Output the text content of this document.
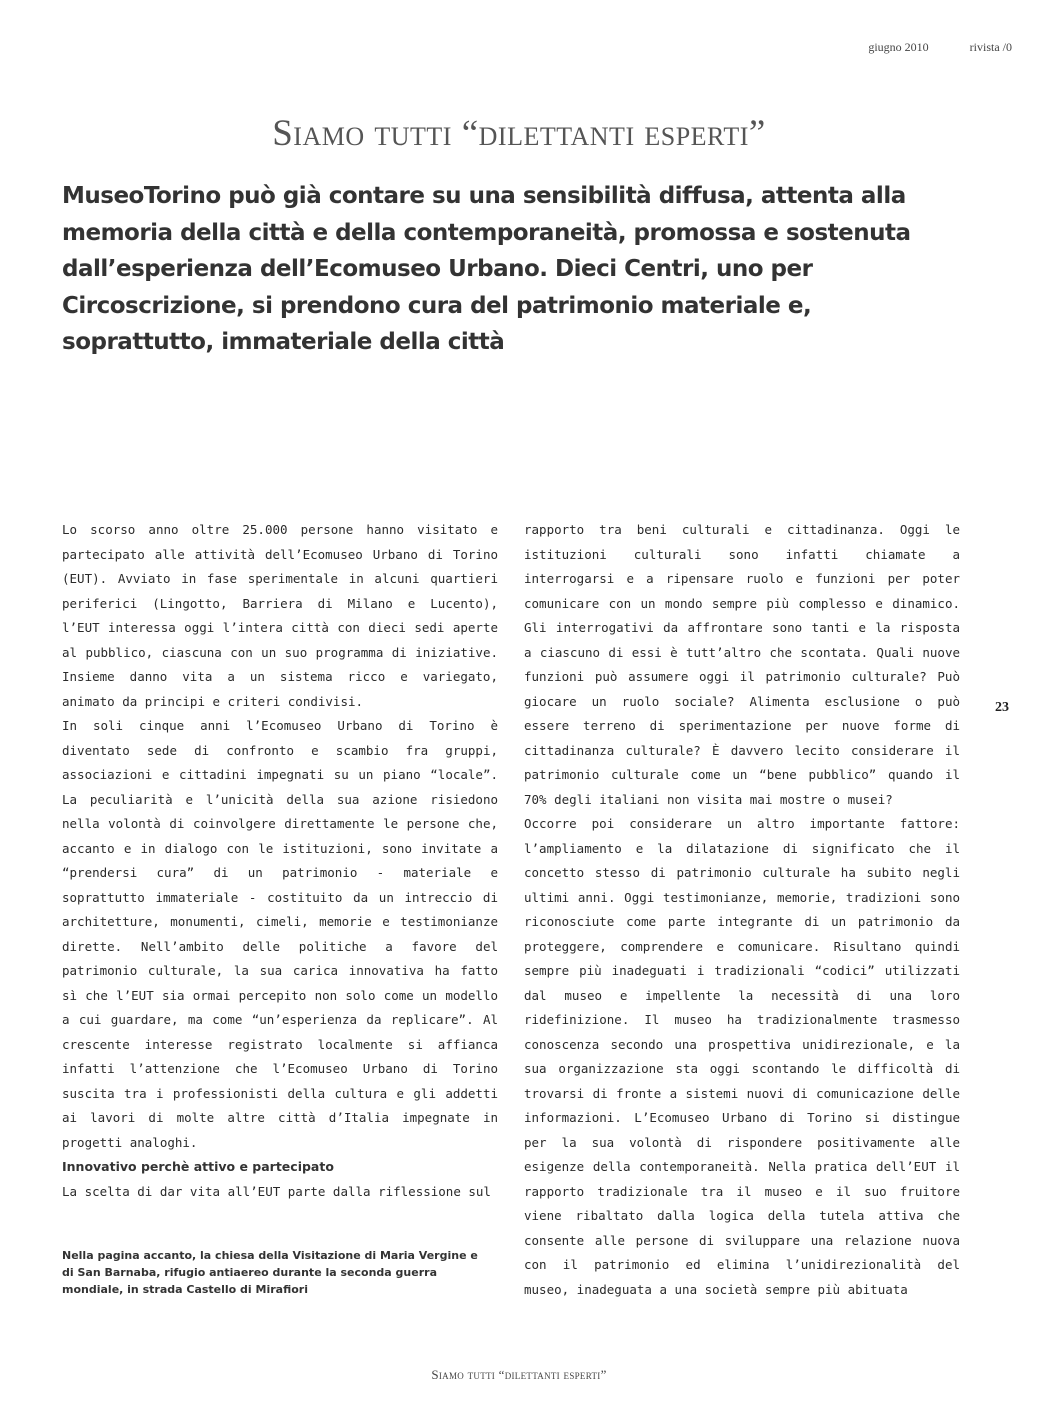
giugno 2010	rivista /0
Siamo tutti “dilettanti esperti”

MuseoTorino può già contare su una sensibilità diffusa, attenta alla memoria della città e della contemporaneità, promossa e sostenuta dall’esperienza dell’Ecomuseo Urbano. Dieci Centri, uno per Circoscrizione, si prendono cura del patrimonio materiale e, soprattutto, immateriale della città

Lo scorso anno oltre 25.000 persone hanno visitato e partecipato alle attività dell’Ecomuseo Urbano di Torino (EUT). Avviato in fase sperimentale in alcuni quartieri periferici (Lingotto, Barriera di Milano e Lucento), l’EUT interessa oggi l’intera città con dieci sedi aperte al pubblico, ciascuna con un suo programma di iniziative. Insieme danno vita a un sistema ricco e variegato, animato da principi e criteri condivisi.

In soli cinque anni l’Ecomuseo Urbano di Torino è diventato sede di confronto e scambio fra gruppi, associazioni e cittadini impegnati su un piano “locale”. La peculiarità e l’unicità della sua azione risiedono nella volontà di coinvolgere direttamente le persone che, accanto e in dialogo con le istituzioni, sono invitate a “prendersi cura” di un patrimonio - materiale e soprattutto immateriale - costituito da un intreccio di architetture, monumenti, cimeli, memorie e testimonianze dirette. Nell’ambito delle politiche a favore del patrimonio culturale, la sua carica innovativa ha fatto sì che l’EUT sia ormai percepito non solo come un modello a cui guardare, ma come “un’esperienza da replicare”. Al crescente interesse registrato localmente si affianca infatti l’attenzione che l’Ecomuseo Urbano di Torino suscita tra i professionisti della cultura e gli addetti ai lavori di molte altre città d’Italia impegnate in progetti analoghi.

Innovativo perchè attivo e partecipato

La scelta di dar vita all’EUT parte dalla riflessione sul

Nella pagina accanto, la chiesa della Visitazione di Maria Vergine e di San Barnaba, rifugio antiaereo durante la seconda guerra mondiale, in strada Castello di Mirafiori

rapporto tra beni culturali e cittadinanza. Oggi le istituzioni culturali sono infatti chiamate a interrogarsi e a ripensare ruolo e funzioni per poter comunicare con un mondo sempre più complesso e dinamico. Gli interrogativi da affrontare sono tanti e la risposta a ciascuno di essi è tutt’altro che scontata. Quali nuove funzioni può assumere oggi il patrimonio culturale? Può giocare un ruolo sociale? Alimenta esclusione o può essere terreno di sperimentazione per nuove forme di cittadinanza culturale? È davvero lecito considerare il patrimonio culturale come un “bene pubblico” quando il 70% degli italiani non visita mai mostre o musei?

Occorre poi considerare un altro importante fattore: l’ampliamento e la dilatazione di significato che il concetto stesso di patrimonio culturale ha subito negli ultimi anni. Oggi testimonianze, memorie, tradizioni sono riconosciute come parte integrante di un patrimonio da proteggere, comprendere e comunicare. Risultano quindi sempre più inadeguati i tradizionali “codici” utilizzati dal museo e impellente la necessità di una loro ridefinizione. Il museo ha tradizionalmente trasmesso conoscenza secondo una prospettiva unidirezionale, e la sua organizzazione sta oggi scontando le difficoltà di trovarsi di fronte a sistemi nuovi di comunicazione delle informazioni. L’Ecomuseo Urbano di Torino si distingue per la sua volontà di rispondere positivamente alle esigenze della contemporaneità. Nella pratica dell’EUT il rapporto tradizionale tra il museo e il suo fruitore viene ribaltato dalla logica della tutela attiva che consente alle persone di sviluppare una relazione nuova con il patrimonio ed elimina l’unidirezionalità del museo, inadeguata a una società sempre più abituata

23
Siamo tutti “dilettanti esperti”
